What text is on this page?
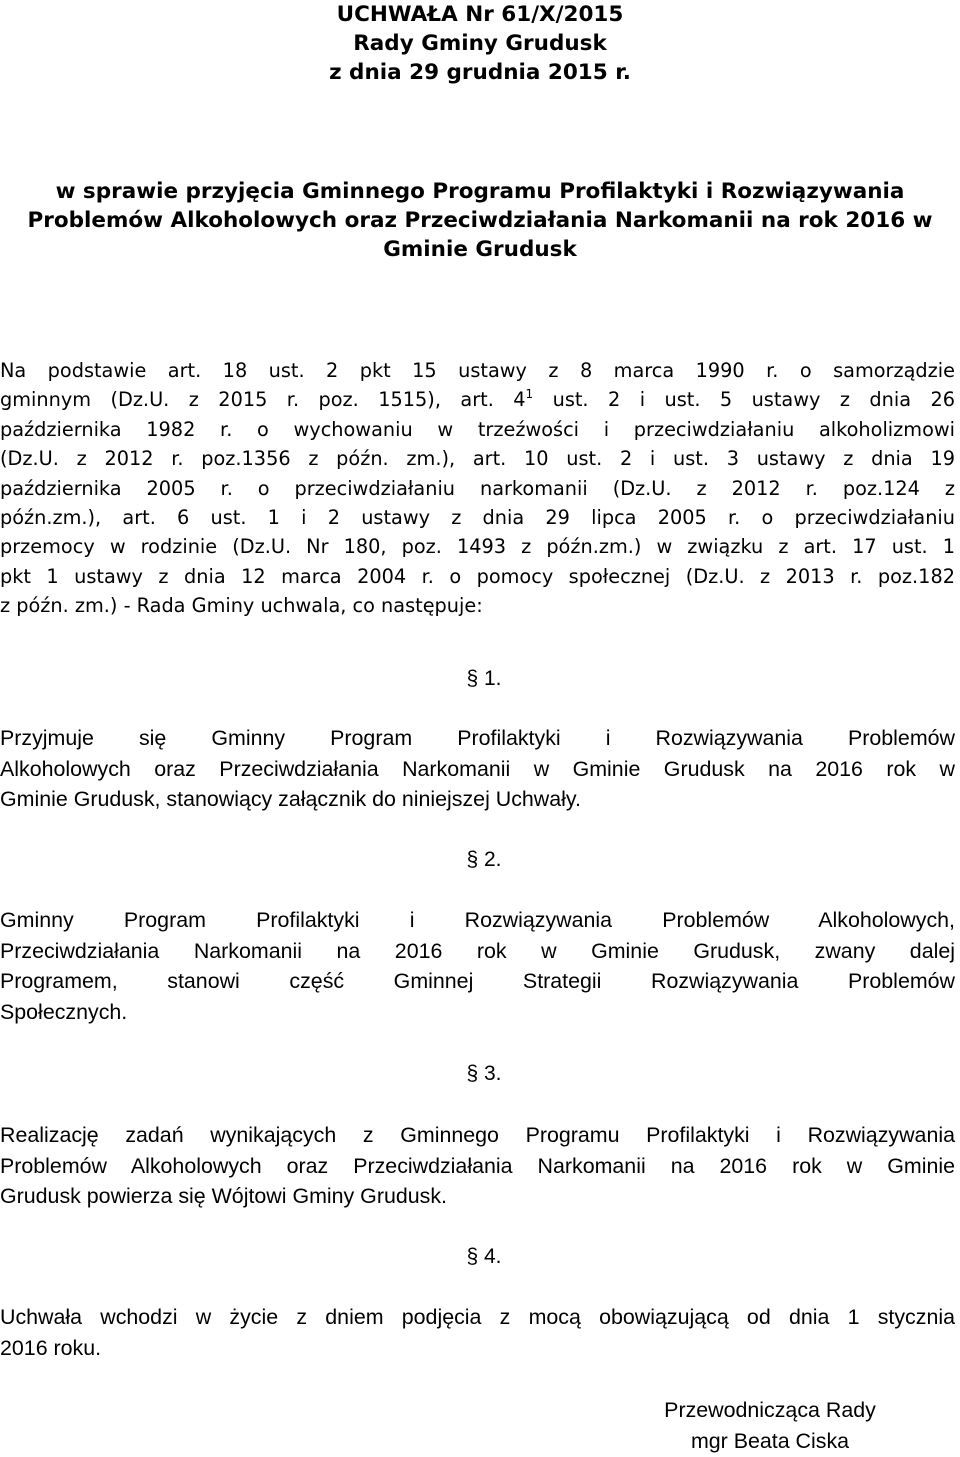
UCHWAŁA Nr 61/X/2015
Rady Gminy Grudusk
z dnia 29 grudnia 2015 r.
w sprawie przyjęcia Gminnego Programu Profilaktyki i Rozwiązywania
Problemów Alkoholowych oraz Przeciwdziałania Narkomanii na rok 2016 w
Gminie Grudusk
Na podstawie art. 18 ust. 2 pkt 15 ustawy z 8 marca 1990 r. o samorządzie
gminnym (Dz.U. z 2015 r. poz. 1515), art. $4^1$ ust. 2 i ust. 5 ustawy z dnia 26
października 1982 r. o wychowaniu w trzeźwości i przeciwdziałaniu alkoholizmowi
(Dz.U. z 2012 r. poz.1356 z późn. zm.), art. 10 ust. 2 i ust. 3 ustawy z dnia 19
października 2005 r. o przeciwdziałaniu narkomanii (Dz.U. z 2012 r. poz.124 z
późn.zm.), art. 6 ust. 1 i 2 ustawy z dnia 29 lipca 2005 r. o przeciwdziałaniu
przemocy w rodzinie (Dz.U. Nr 180, poz. 1493 z późn.zm.) w związku z art. 17 ust. 1
pkt 1 ustawy z dnia 12 marca 2004 r. o pomocy społecznej (Dz.U. z 2013 r. poz.182
z późn. zm.) - Rada Gminy uchwala, co następuje:
§ 1.
Przyjmuje się Gminny Program Profilaktyki i Rozwiązywania Problemów
Alkoholowych oraz Przeciwdziałania Narkomanii w Gminie Grudusk na 2016 rok w
Gminie Grudusk, stanowiący załącznik do niniejszej Uchwały.
§ 2.
Gminny Program Profilaktyki i Rozwiązywania Problemów Alkoholowych,
Przeciwdziałania Narkomanii na 2016 rok w Gminie Grudusk, zwany dalej
Programem, stanowi część Gminnej Strategii Rozwiązywania Problemów
Społecznych.
§ 3.
Realizację zadań wynikających z Gminnego Programu Profilaktyki i Rozwiązywania
Problemów Alkoholowych oraz Przeciwdziałania Narkomanii na 2016 rok w Gminie
Grudusk powierza się Wójtowi Gminy Grudusk.
§ 4.
Uchwała wchodzi w życie z dniem podjęcia z mocą obowiązującą od dnia 1 stycznia
2016 roku.
Przewodnicząca Rady
mgr Beata Ciska
